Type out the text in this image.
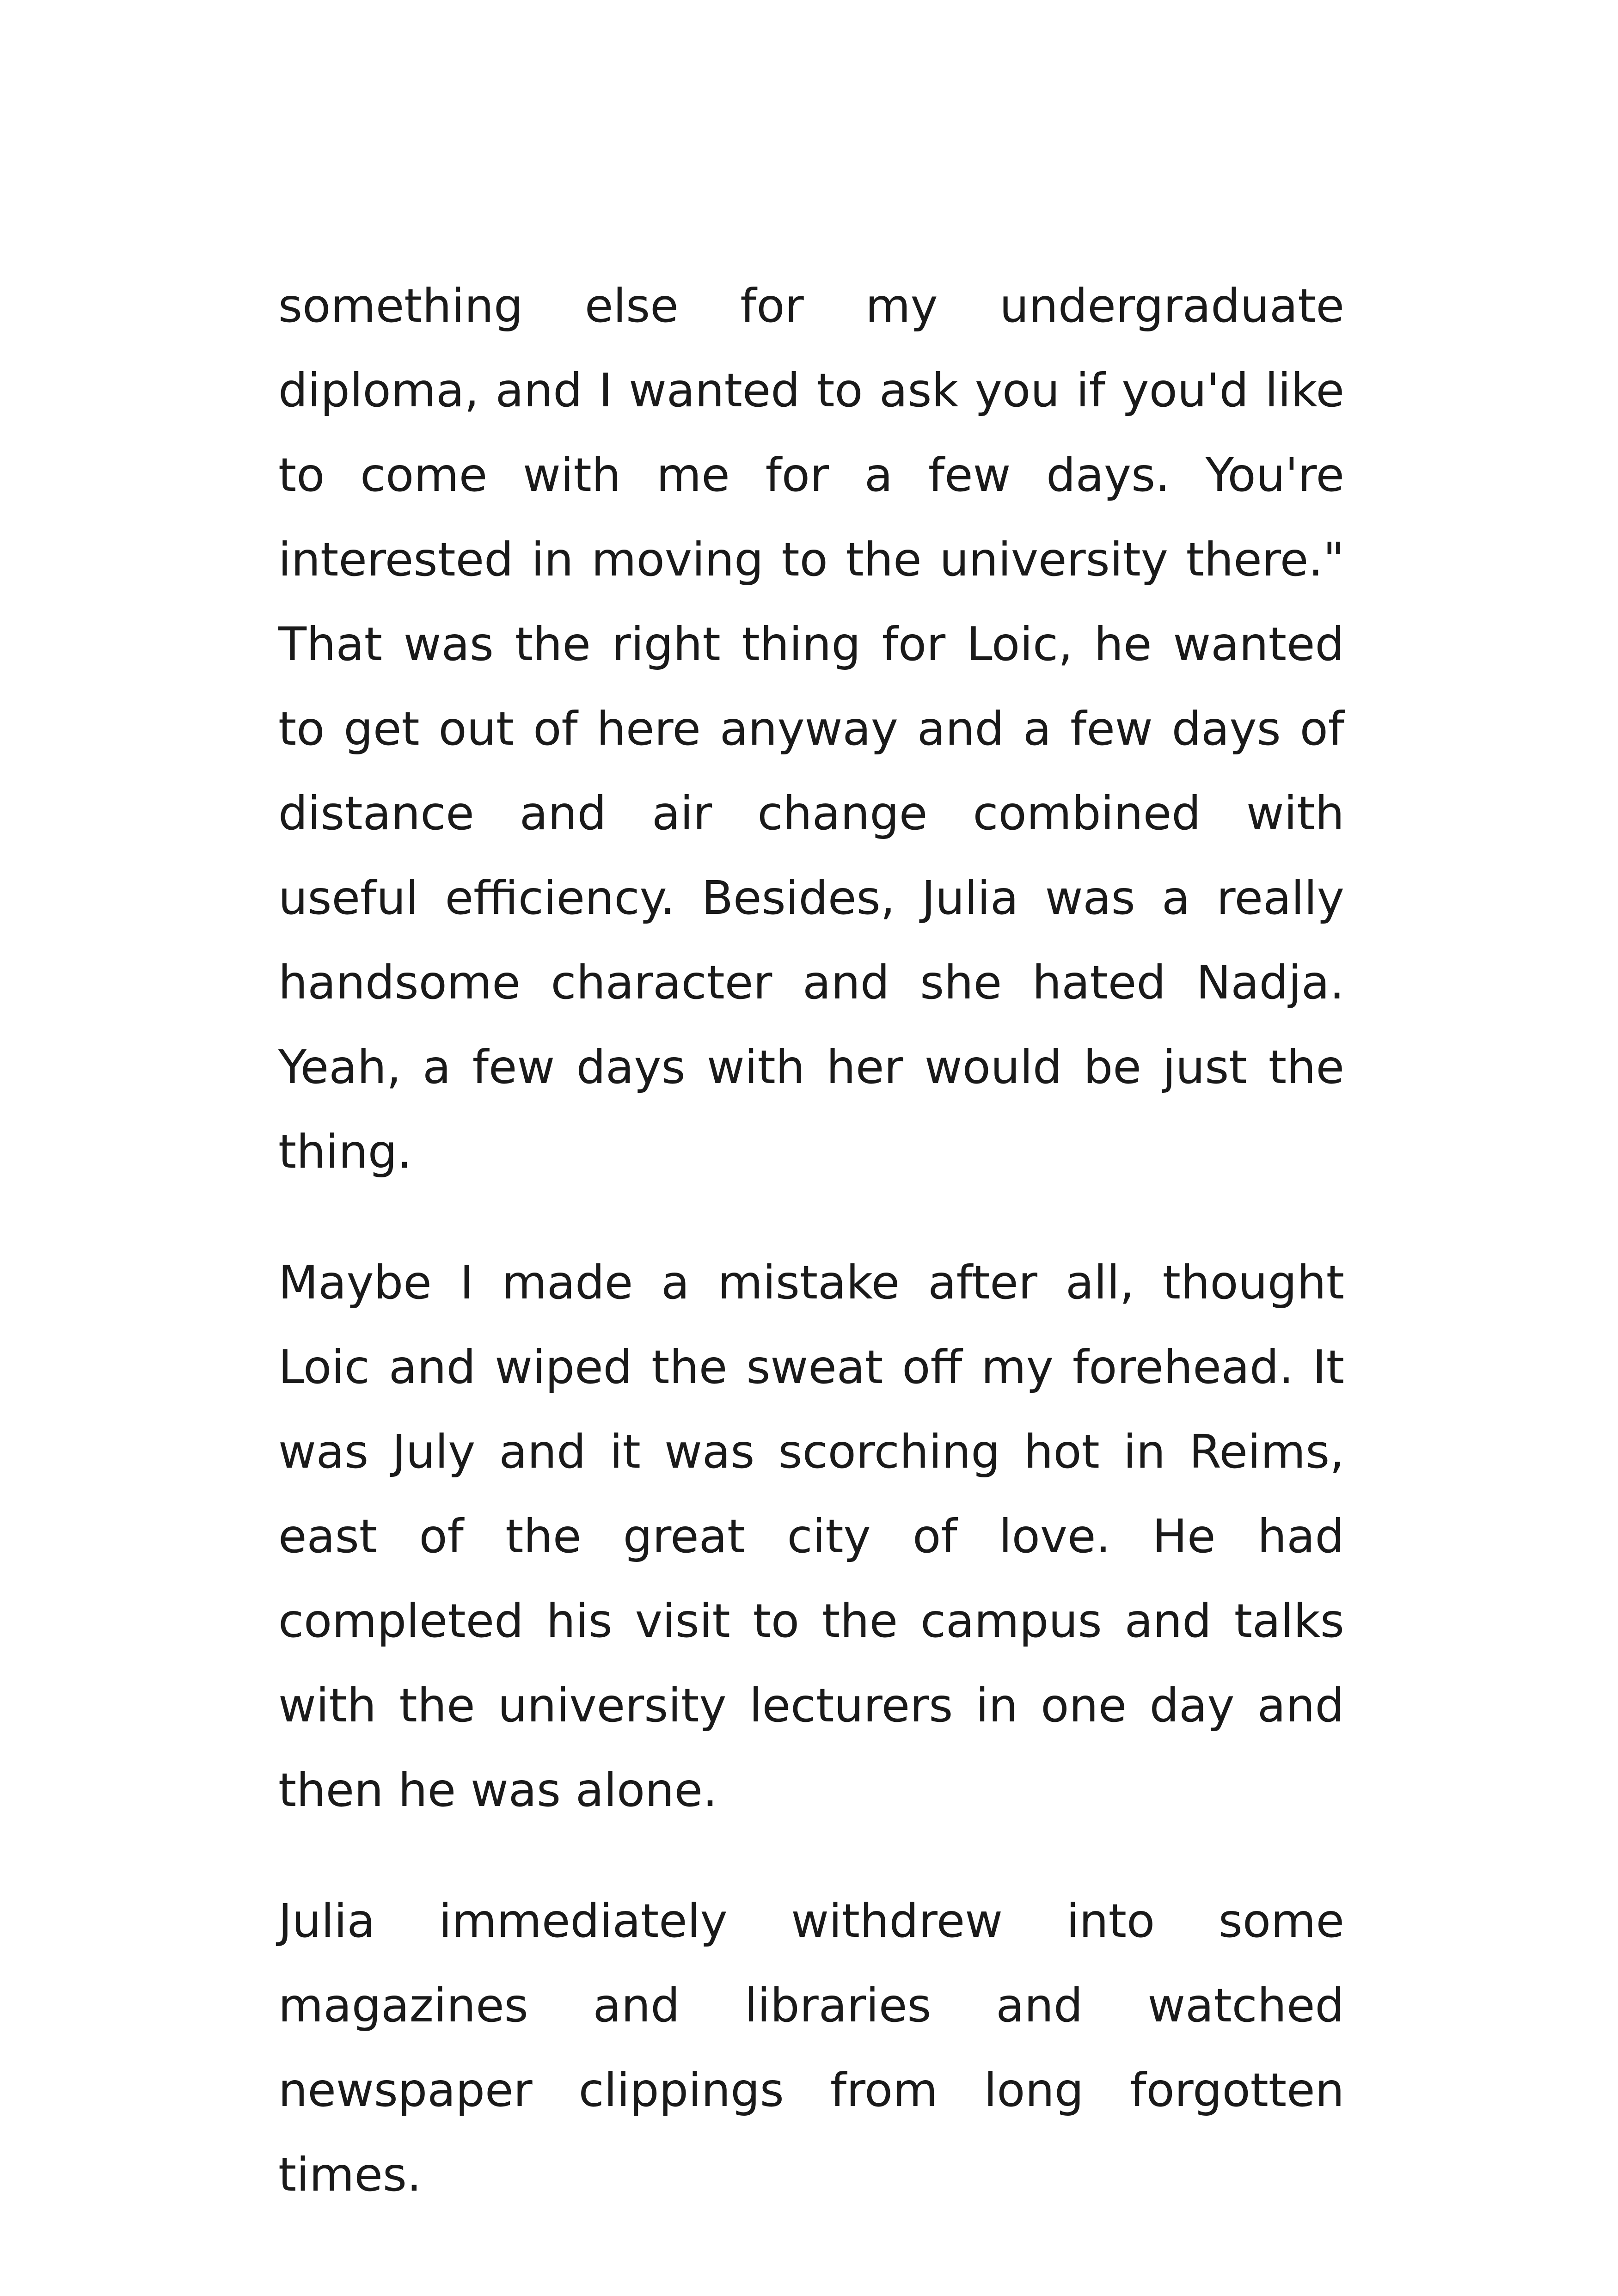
something else for my undergraduate diploma, and I wanted to ask you if you'd like to come with me for a few days. You're interested in moving to the university there." That was the right thing for Loic, he wanted to get out of here anyway and a few days of distance and air change combined with useful efficiency. Besides, Julia was a really handsome character and she hated Nadja. Yeah, a few days with her would be just the thing.

Maybe I made a mistake after all, thought Loic and wiped the sweat off my forehead. It was July and it was scorching hot in Reims, east of the great city of love. He had completed his visit to the campus and talks with the university lecturers in one day and then he was alone.

Julia immediately withdrew into some magazines and libraries and watched newspaper clippings from long forgotten times.
